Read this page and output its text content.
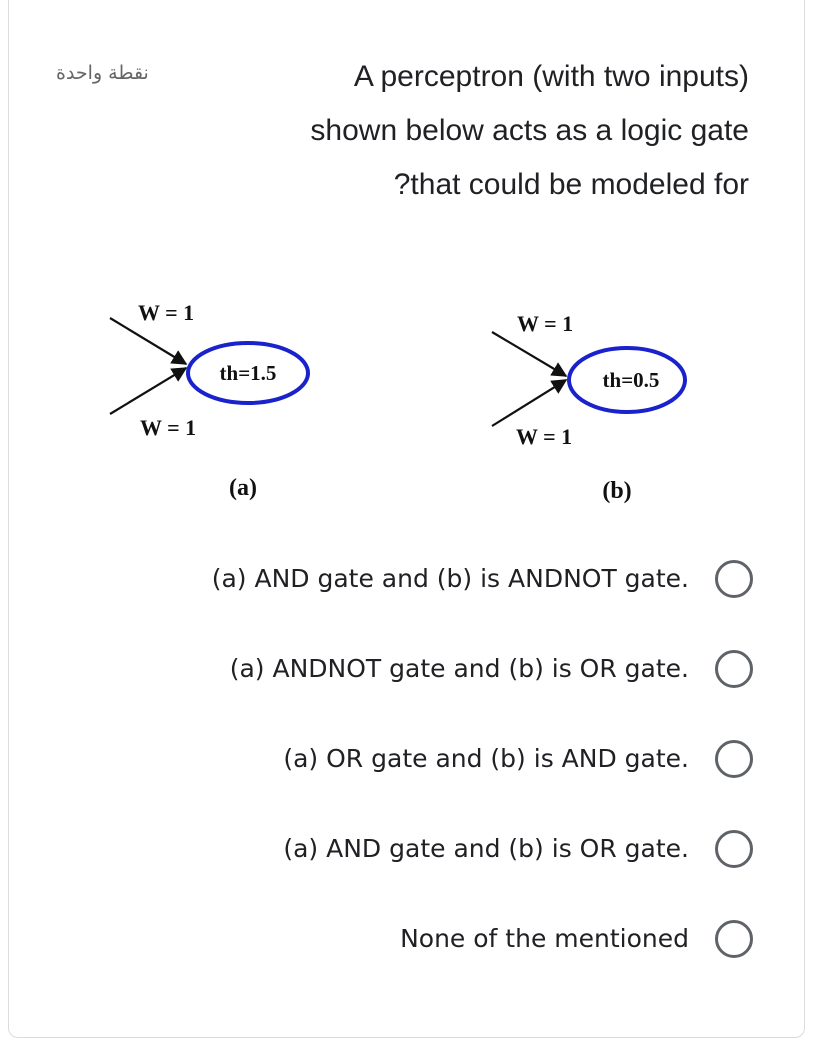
نقطة واحدة	A perceptron (with two inputs)
shown below acts as a logic gate
?that could be modeled for
W = 1
th=1.5
W = 1
(a)
W = 1
th=0.5
W = 1
(b)
(a) AND gate and (b) is ANDNOT gate.
(a) ANDNOT gate and (b) is OR gate.
(a) OR gate and (b) is AND gate.
(a) AND gate and (b) is OR gate.
None of the mentioned
